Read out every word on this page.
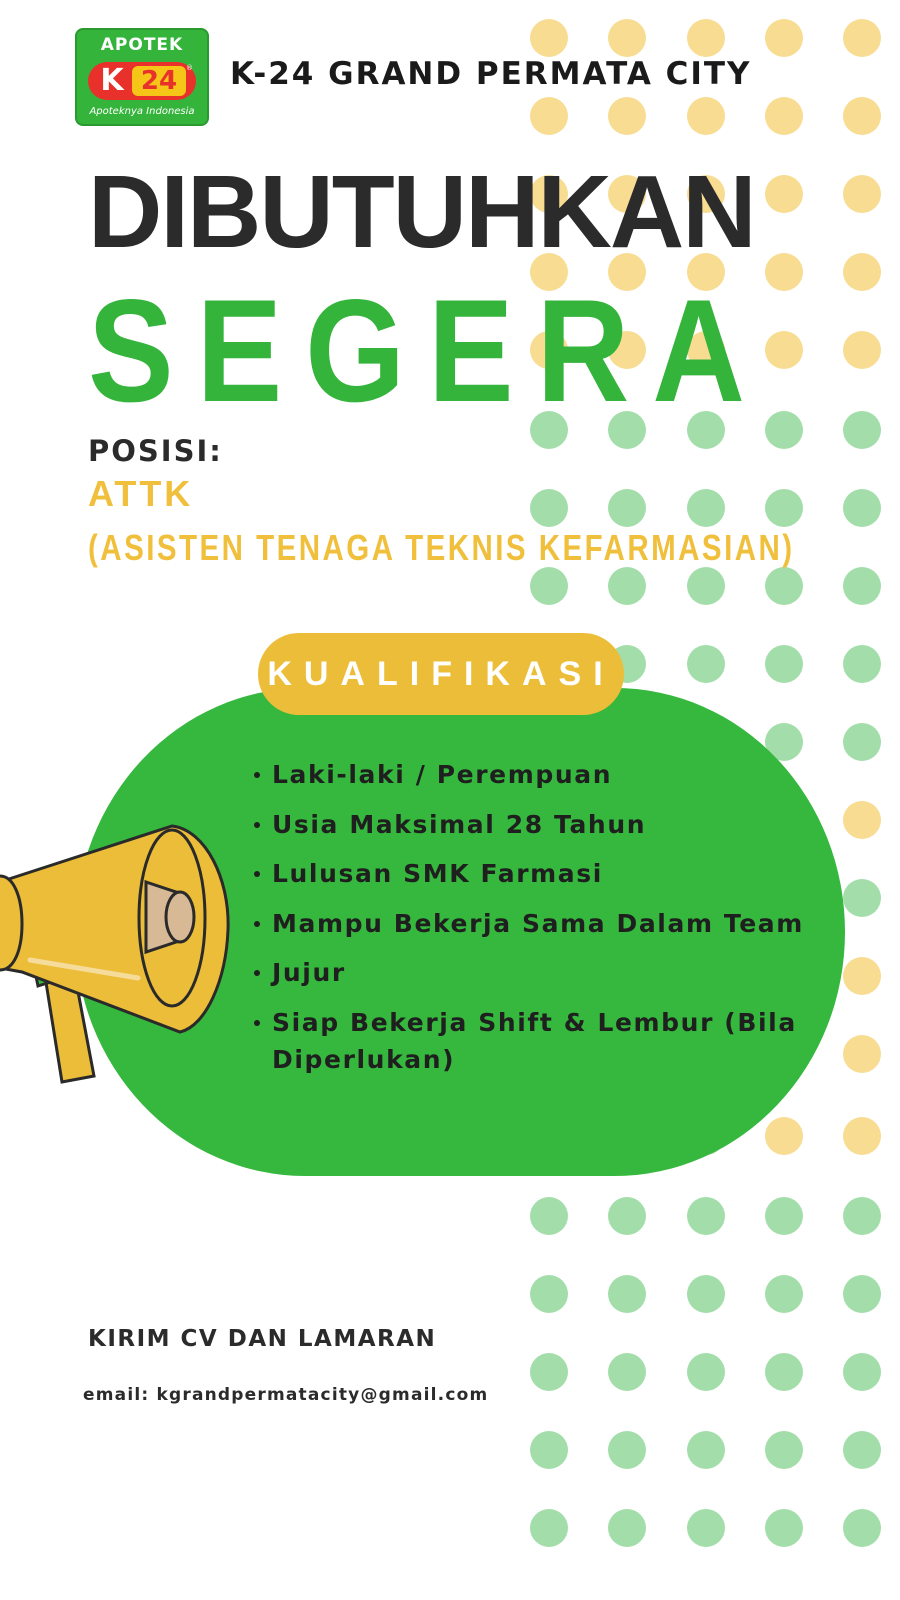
APOTEK
K 24	®
Apoteknya Indonesia
K-24 GRAND PERMATA CITY
DIBUTUHKAN
SEGERA
POSISI:
ATTK
(ASISTEN TENAGA TEKNIS KEFARMASIAN)
KUALIFIKASI
Laki-laki / Perempuan
Usia Maksimal 28 Tahun
Lulusan SMK Farmasi
Mampu Bekerja Sama Dalam Team
Jujur
Siap Bekerja Shift & Lembur (Bila Diperlukan)
KIRIM CV DAN LAMARAN
email: kgrandpermatacity@gmail.com
